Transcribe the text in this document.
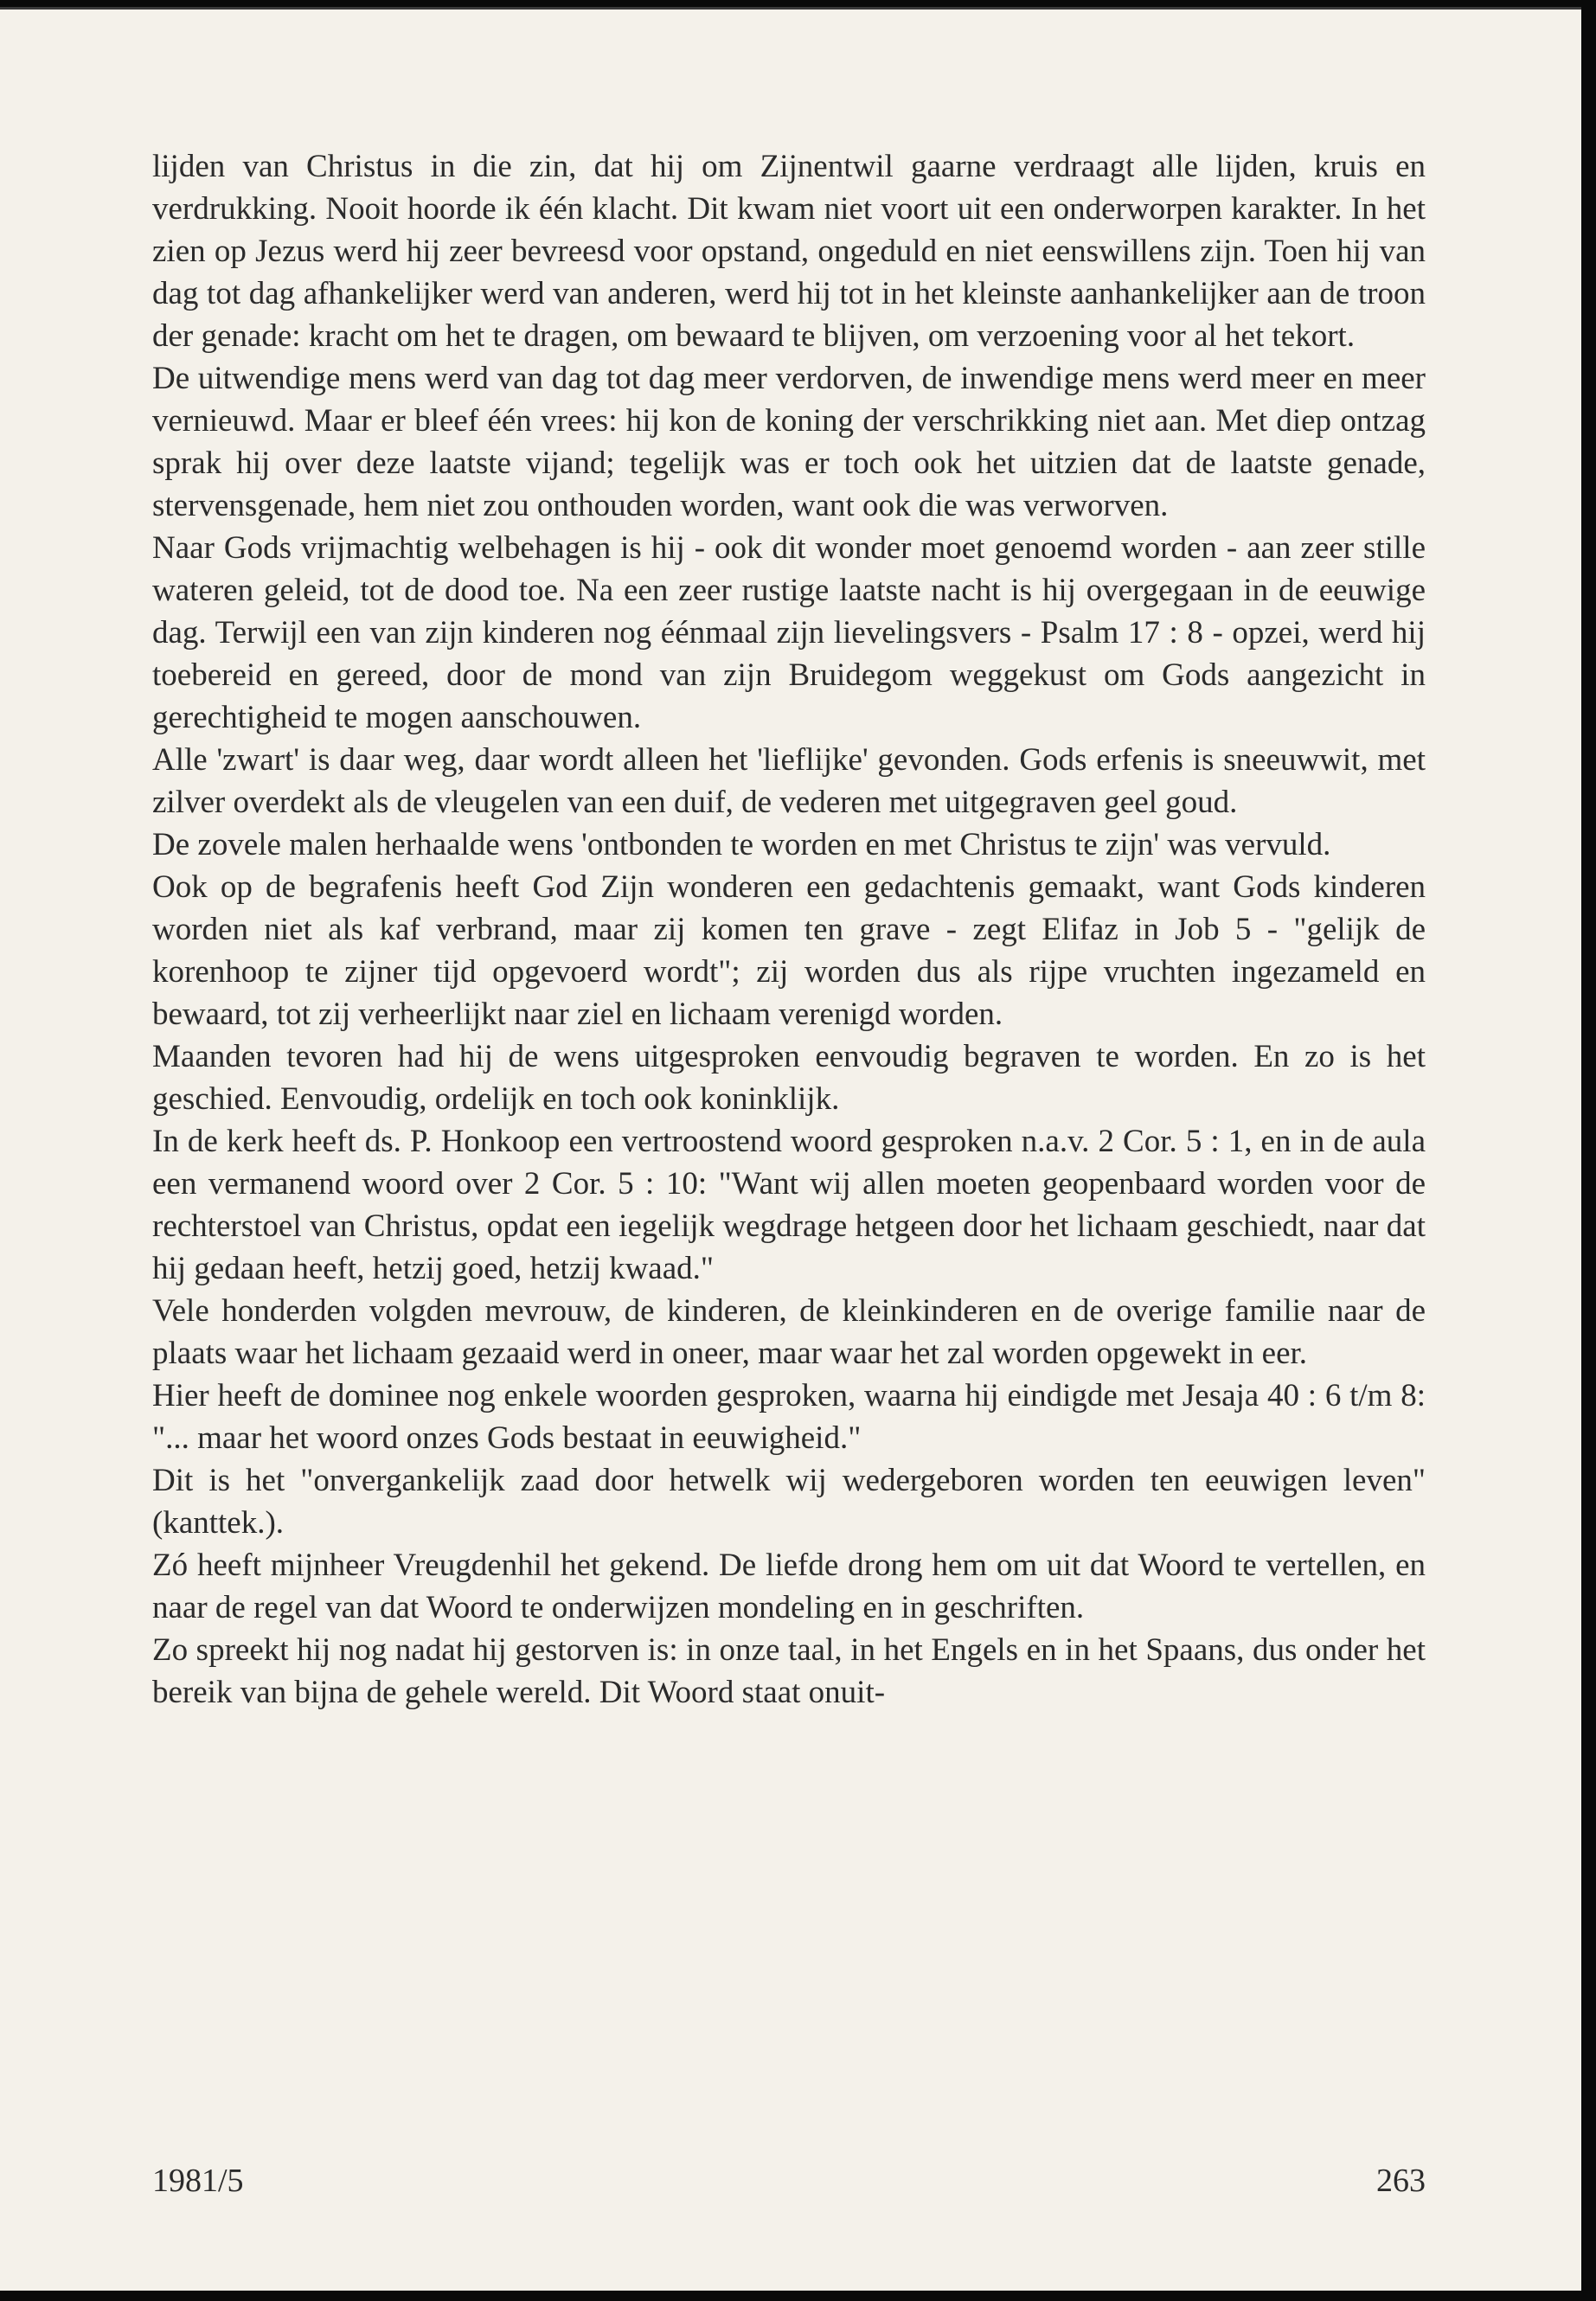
lijden van Christus in die zin, dat hij om Zijnentwil gaarne verdraagt alle lijden, kruis en verdrukking. Nooit hoorde ik één klacht. Dit kwam niet voort uit een onderworpen karakter. In het zien op Jezus werd hij zeer bevreesd voor opstand, ongeduld en niet eenswillens zijn. Toen hij van dag tot dag afhankelijker werd van anderen, werd hij tot in het kleinste aanhankelijker aan de troon der genade: kracht om het te dragen, om bewaard te blijven, om verzoening voor al het tekort.

De uitwendige mens werd van dag tot dag meer verdorven, de inwendige mens werd meer en meer vernieuwd. Maar er bleef één vrees: hij kon de koning der verschrikking niet aan. Met diep ontzag sprak hij over deze laatste vijand; tegelijk was er toch ook het uitzien dat de laatste genade, stervensgenade, hem niet zou onthouden worden, want ook die was verworven.

Naar Gods vrijmachtig welbehagen is hij - ook dit wonder moet genoemd worden - aan zeer stille wateren geleid, tot de dood toe. Na een zeer rustige laatste nacht is hij overgegaan in de eeuwige dag. Terwijl een van zijn kinderen nog éénmaal zijn lievelingsvers - Psalm 17 : 8 - opzei, werd hij toebereid en gereed, door de mond van zijn Bruidegom weggekust om Gods aangezicht in gerechtigheid te mogen aanschouwen.

Alle 'zwart' is daar weg, daar wordt alleen het 'lieflijke' gevonden. Gods erfenis is sneeuwwit, met zilver overdekt als de vleugelen van een duif, de vederen met uitgegraven geel goud.

De zovele malen herhaalde wens 'ontbonden te worden en met Christus te zijn' was vervuld.

Ook op de begrafenis heeft God Zijn wonderen een gedachtenis gemaakt, want Gods kinderen worden niet als kaf verbrand, maar zij komen ten grave - zegt Elifaz in Job 5 - "gelijk de korenhoop te zijner tijd opgevoerd wordt"; zij worden dus als rijpe vruchten ingezameld en bewaard, tot zij verheerlijkt naar ziel en lichaam verenigd worden.

Maanden tevoren had hij de wens uitgesproken eenvoudig begraven te worden. En zo is het geschied. Eenvoudig, ordelijk en toch ook koninklijk.

In de kerk heeft ds. P. Honkoop een vertroostend woord gesproken n.a.v. 2 Cor. 5 : 1, en in de aula een vermanend woord over 2 Cor. 5 : 10: "Want wij allen moeten geopenbaard worden voor de rechterstoel van Christus, opdat een iegelijk wegdrage hetgeen door het lichaam geschiedt, naar dat hij gedaan heeft, hetzij goed, hetzij kwaad."

Vele honderden volgden mevrouw, de kinderen, de kleinkinderen en de overige familie naar de plaats waar het lichaam gezaaid werd in oneer, maar waar het zal worden opgewekt in eer.

Hier heeft de dominee nog enkele woorden gesproken, waarna hij eindigde met Jesaja 40 : 6 t/m 8: "... maar het woord onzes Gods bestaat in eeuwigheid."

Dit is het "onvergankelijk zaad door hetwelk wij wedergeboren worden ten eeuwigen leven" (kanttek.).

Zó heeft mijnheer Vreugdenhil het gekend. De liefde drong hem om uit dat Woord te vertellen, en naar de regel van dat Woord te onderwijzen mondeling en in geschriften.

Zo spreekt hij nog nadat hij gestorven is: in onze taal, in het Engels en in het Spaans, dus onder het bereik van bijna de gehele wereld. Dit Woord staat onuit-

1981/5	263
